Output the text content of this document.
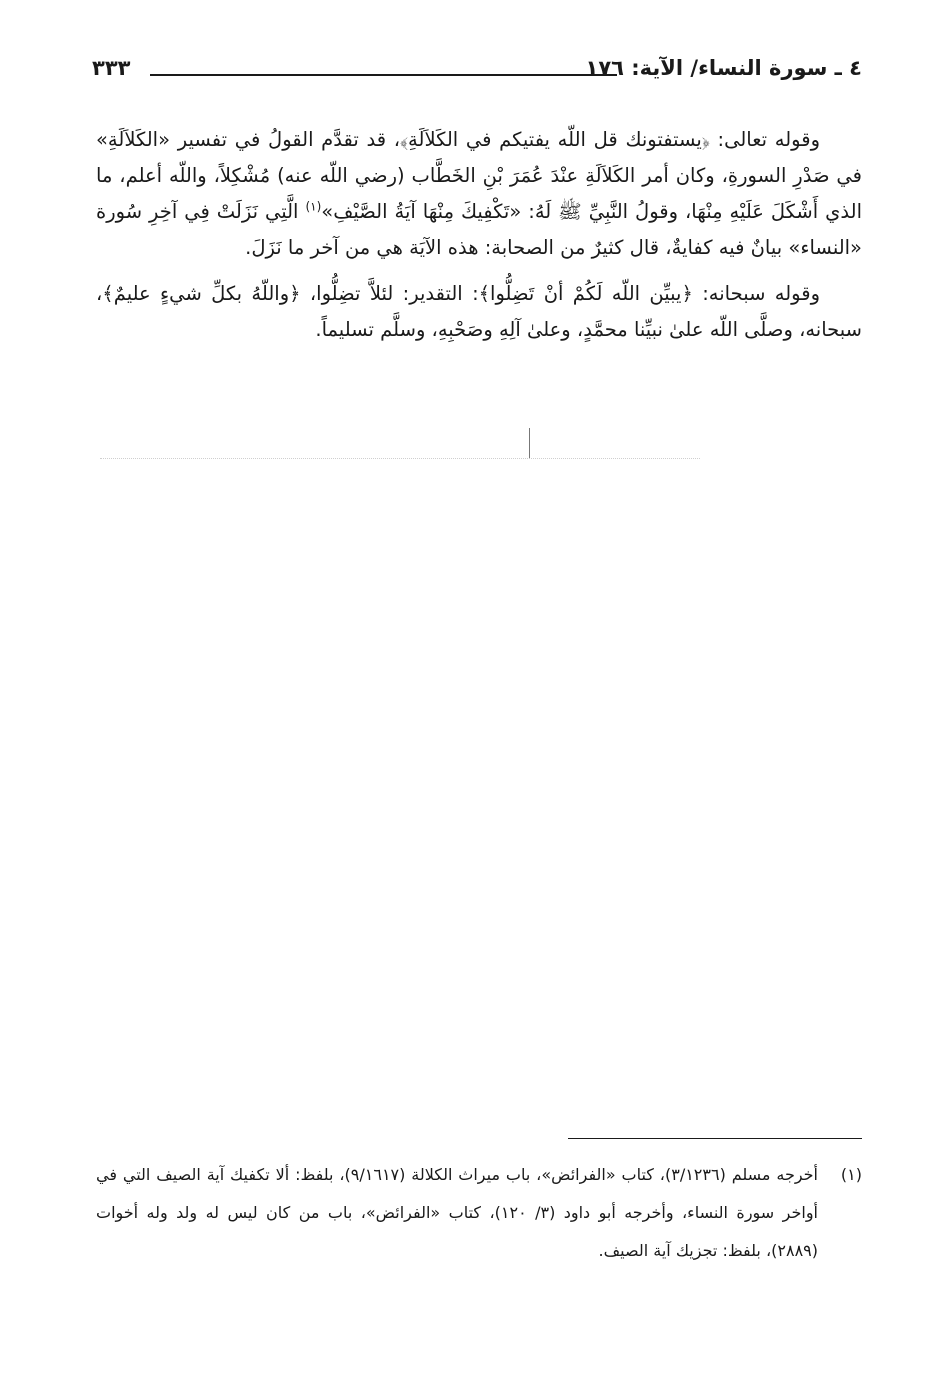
٤ ـ سورة النساء/ الآية: ١٧٦
٣٣٣

وقوله تعالى: ﴿يستفتونك قل اللّه يفتيكم في الكَلاَلَةِ﴾، قد تقدَّم القولُ في تفسير «الكَلاَلَةِ» في صَدْرِ السورةِ، وكان أمر الكَلاَلَةِ عنْدَ عُمَرَ بْنِ الخَطَّاب (رضي اللّه عنه) مُشْكِلاً، واللّه أعلم، ما الذي أَشْكَلَ عَلَيْهِ مِنْهَا، وقولُ النَّبِيِّ ﷺ لَهُ: «تَكْفِيكَ مِنْهَا آيَةُ الصَّيْفِ»$^{(١)}$ الَّتِي نَزَلَتْ فِي آخِرِ سُورة «النساء» بيانٌ فيه كفايةٌ، قال كثيرٌ من الصحابة: هذه الآيَة هي من آخر ما نَزَلَ.

وقوله سبحانه: ﴿يبيِّن اللّه لَكُمْ أنْ تَضِلُّوا﴾: التقدير: لئلاَّ تضِلُّوا، ﴿واللّهُ بكلِّ شيءٍ عليمٌ﴾، سبحانه، وصلَّى اللّه علىٰ نبيِّنا محمَّدٍ، وعلىٰ آلِهِ وصَحْبِهِ، وسلَّم تسليماً.

(١)
أخرجه مسلم (٣/١٢٣٦)، كتاب «الفرائض»، باب ميراث الكلالة (٩/١٦١٧)، بلفظ: ألا تكفيك آية الصيف التي في أواخر سورة النساء، وأخرجه أبو داود (٣/ ١٢٠)، كتاب «الفرائض»، باب من كان ليس له ولد وله أخوات (٢٨٨٩)، بلفظ: تجزيك آية الصيف.
